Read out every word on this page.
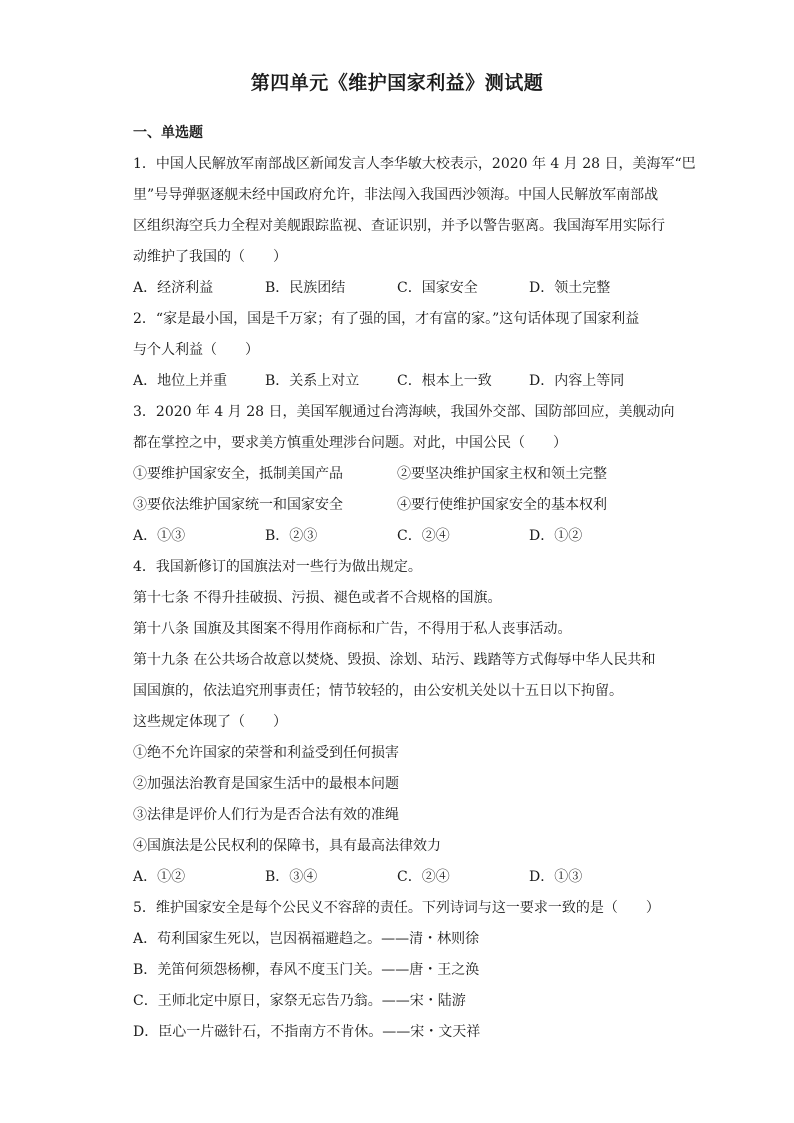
第四单元《维护国家利益》测试题
一、单选题
1．中国人民解放军南部战区新闻发言人李华敏大校表示，2020 年 4 月 28 日，美海军“巴
里”号导弹驱逐舰未经中国政府允许，非法闯入我国西沙领海。中国人民解放军南部战
区组织海空兵力全程对美舰跟踪监视、查证识别，并予以警告驱离。我国海军用实际行
动维护了我国的（　　）
A．经济利益	B．民族团结	C．国家安全	D．领土完整
2．“家是最小国，国是千万家；有了强的国，才有富的家。”这句话体现了国家利益
与个人利益（　　）
A．地位上并重	B．关系上对立	C．根本上一致	D．内容上等同
3．2020 年 4 月 28 日，美国军舰通过台湾海峡，我国外交部、国防部回应，美舰动向
都在掌控之中，要求美方慎重处理涉台问题。对此，中国公民（　　）
①要维护国家安全，抵制美国产品	②要坚决维护国家主权和领土完整
③要依法维护国家统一和国家安全	④要行使维护国家安全的基本权利
A．①③	B．②③	C．②④	D．①②
4．我国新修订的国旗法对一些行为做出规定。
第十七条 不得升挂破损、污损、褪色或者不合规格的国旗。
第十八条 国旗及其图案不得用作商标和广告，不得用于私人丧事活动。
第十九条 在公共场合故意以焚烧、毁损、涂划、玷污、践踏等方式侮辱中华人民共和
国国旗的，依法追究刑事责任；情节较轻的，由公安机关处以十五日以下拘留。
这些规定体现了（　　）
①绝不允许国家的荣誉和利益受到任何损害
②加强法治教育是国家生活中的最根本问题
③法律是评价人们行为是否合法有效的准绳
④国旗法是公民权利的保障书，具有最高法律效力
A．①②	B．③④	C．②④	D．①③
5．维护国家安全是每个公民义不容辞的责任。下列诗词与这一要求一致的是（　　）
A．苟利国家生死以，岂因祸福避趋之。——清・林则徐
B．羌笛何须怨杨柳，春风不度玉门关。——唐・王之涣
C．王师北定中原日，家祭无忘告乃翁。——宋・陆游
D．臣心一片磁针石，不指南方不肯休。——宋・文天祥
